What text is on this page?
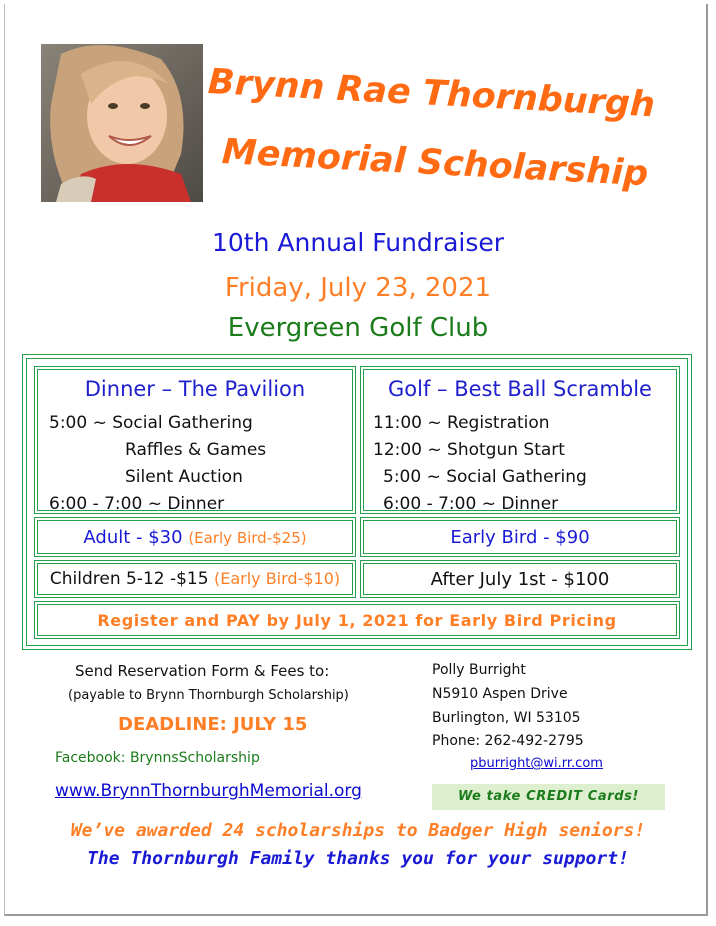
Brynn Rae Thornburgh
Memorial Scholarship
10th Annual Fundraiser
Friday, July 23, 2021
Evergreen Golf Club
Dinner – The Pavilion
5:00 ~ Social Gathering
Raffles & Games
Silent Auction
6:00 - 7:00 ~ Dinner
Golf – Best Ball Scramble
11:00 ~ Registration
12:00 ~ Shotgun Start
5:00 ~ Social Gathering
6:00 - 7:00 ~ Dinner
Adult - $30 (Early Bird-$25)	Early Bird - $90
Children 5-12 -$15 (Early Bird-$10)	After July 1st - $100
Register and PAY by July 1, 2021 for Early Bird Pricing
Send Reservation Form & Fees to:
(payable to Brynn Thornburgh Scholarship)
DEADLINE: JULY 15
Facebook: BrynnsScholarship
www.BrynnThornburghMemorial.org
Polly Burright
N5910 Aspen Drive
Burlington, WI 53105
Phone: 262-492-2795
pburright@wi.rr.com
We take CREDIT Cards!
We’ve awarded 24 scholarships to Badger High seniors!
The Thornburgh Family thanks you for your support!
